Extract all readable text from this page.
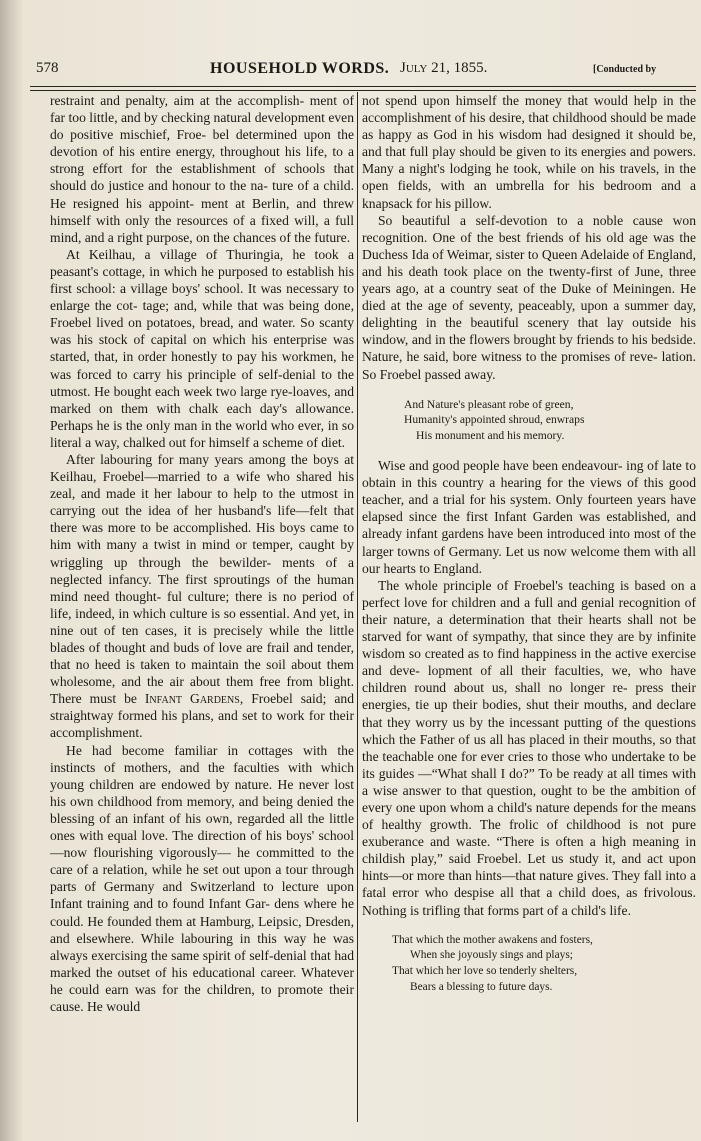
578	HOUSEHOLD WORDS. July 21, 1855.	[Conducted by

restraint and penalty, aim at the accomplish- ment of far too little, and by checking natural development even do positive mischief, Froe- bel determined upon the devotion of his entire energy, throughout his life, to a strong effort for the establishment of schools that should do justice and honour to the na- ture of a child. He resigned his appoint- ment at Berlin, and threw himself with only the resources of a fixed will, a full mind, and a right purpose, on the chances of the future.

At Keilhau, a village of Thuringia, he took a peasant's cottage, in which he purposed to establish his first school: a village boys' school. It was necessary to enlarge the cot- tage; and, while that was being done, Froebel lived on potatoes, bread, and water. So scanty was his stock of capital on which his enterprise was started, that, in order honestly to pay his workmen, he was forced to carry his principle of self-denial to the utmost. He bought each week two large rye-loaves, and marked on them with chalk each day's allowance. Perhaps he is the only man in the world who ever, in so literal a way, chalked out for himself a scheme of diet.

After labouring for many years among the boys at Keilhau, Froebel—married to a wife who shared his zeal, and made it her labour to help to the utmost in carrying out the idea of her husband's life—felt that there was more to be accomplished. His boys came to him with many a twist in mind or temper, caught by wriggling up through the bewilder- ments of a neglected infancy. The first sproutings of the human mind need thought- ful culture; there is no period of life, indeed, in which culture is so essential. And yet, in nine out of ten cases, it is precisely while the little blades of thought and buds of love are frail and tender, that no heed is taken to maintain the soil about them wholesome, and the air about them free from blight. There must be Infant Gardens, Froebel said; and straightway formed his plans, and set to work for their accomplishment.

He had become familiar in cottages with the instincts of mothers, and the faculties with which young children are endowed by nature. He never lost his own childhood from memory, and being denied the blessing of an infant of his own, regarded all the little ones with equal love. The direction of his boys' school—now flourishing vigorously— he committed to the care of a relation, while he set out upon a tour through parts of Germany and Switzerland to lecture upon Infant training and to found Infant Gar- dens where he could. He founded them at Hamburg, Leipsic, Dresden, and elsewhere. While labouring in this way he was always exercising the same spirit of self-denial that had marked the outset of his educational career. Whatever he could earn was for the children, to promote their cause. He would

not spend upon himself the money that would help in the accomplishment of his desire, that childhood should be made as happy as God in his wisdom had designed it should be, and that full play should be given to its energies and powers. Many a night's lodging he took, while on his travels, in the open fields, with an umbrella for his bedroom and a knapsack for his pillow.

So beautiful a self-devotion to a noble cause won recognition. One of the best friends of his old age was the Duchess Ida of Weimar, sister to Queen Adelaide of England, and his death took place on the twenty-first of June, three years ago, at a country seat of the Duke of Meiningen. He died at the age of seventy, peaceably, upon a summer day, delighting in the beautiful scenery that lay outside his window, and in the flowers brought by friends to his bedside. Nature, he said, bore witness to the promises of reve- lation. So Froebel passed away.

And Nature's pleasant robe of green,
Humanity's appointed shroud, enwraps
His monument and his memory.

Wise and good people have been endeavour- ing of late to obtain in this country a hearing for the views of this good teacher, and a trial for his system. Only fourteen years have elapsed since the first Infant Garden was established, and already infant gardens have been introduced into most of the larger towns of Germany. Let us now welcome them with all our hearts to England.

The whole principle of Froebel's teaching is based on a perfect love for children and a full and genial recognition of their nature, a determination that their hearts shall not be starved for want of sympathy, that since they are by infinite wisdom so created as to find happiness in the active exercise and deve- lopment of all their faculties, we, who have children round about us, shall no longer re- press their energies, tie up their bodies, shut their mouths, and declare that they worry us by the incessant putting of the questions which the Father of us all has placed in their mouths, so that the teachable one for ever cries to those who undertake to be its guides —“What shall I do?” To be ready at all times with a wise answer to that question, ought to be the ambition of every one upon whom a child's nature depends for the means of healthy growth. The frolic of childhood is not pure exuberance and waste. “There is often a high meaning in childish play,” said Froebel. Let us study it, and act upon hints—or more than hints—that nature gives. They fall into a fatal error who despise all that a child does, as frivolous. Nothing is trifling that forms part of a child's life.

That which the mother awakens and fosters,
When she joyously sings and plays;
That which her love so tenderly shelters,
Bears a blessing to future days.
